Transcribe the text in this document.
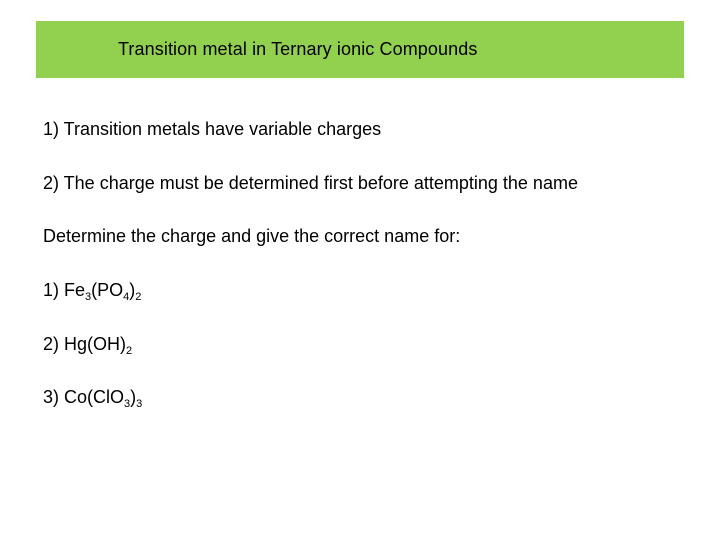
Transition metal in Ternary ionic Compounds
1) Transition metals have variable charges
2) The charge must be determined first before attempting the name
Determine the charge and give the correct name for:
1) $Fe_3(PO_4)_2$
2) $Hg(OH)_2$
3) $Co(ClO_3)_3$
